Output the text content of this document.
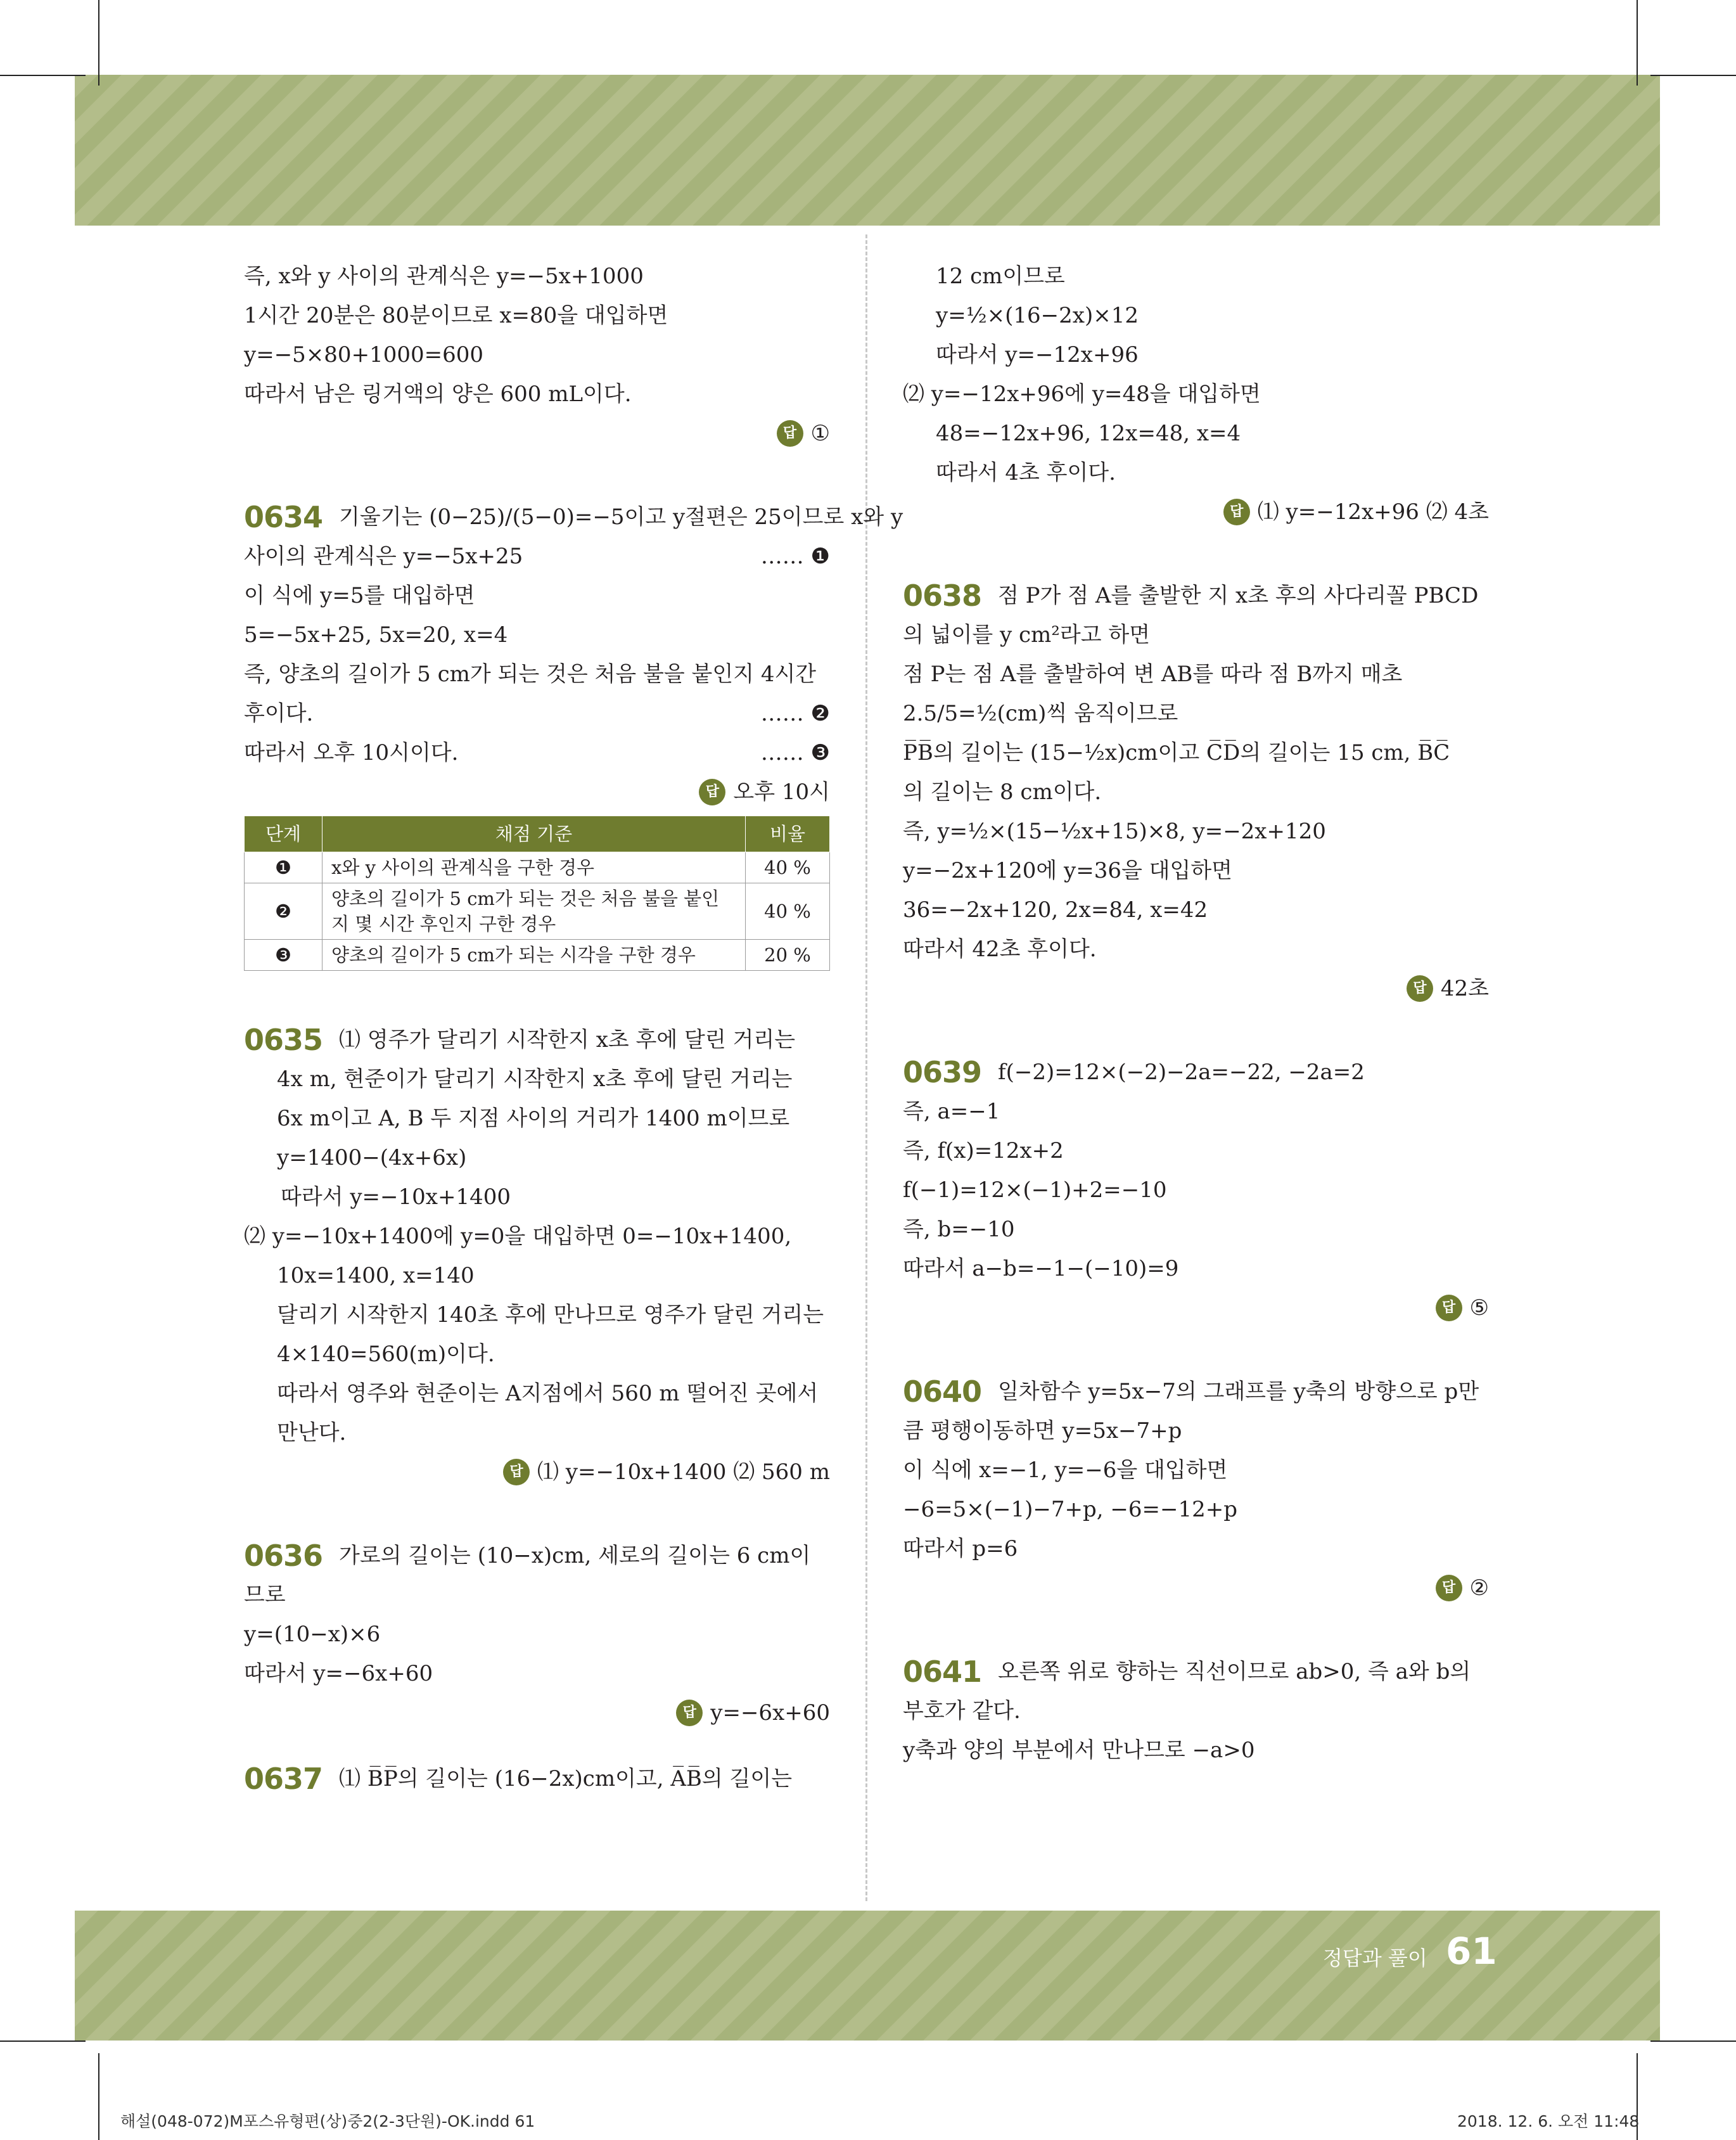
즉, x와 y 사이의 관계식은 y=−5x+1000
1시간 20분은 80분이므로 x=80을 대입하면
y=−5×80+1000=600
따라서 남은 링거액의 양은 600 mL이다.
답 ①
0634 기울기는 (0−25)/(5−0)=−5이고 y절편은 25이므로 x와 y
사이의 관계식은 y=−5x+25	…… ❶
이 식에 y=5를 대입하면
5=−5x+25, 5x=20, x=4
즉, 양초의 길이가 5 cm가 되는 것은 처음 불을 붙인지 4시간
후이다.	…… ❷
따라서 오후 10시이다.	…… ❸
답 오후 10시
단계	채점 기준	비율
❶	x와 y 사이의 관계식을 구한 경우	40 %
❷	양초의 길이가 5 cm가 되는 것은 처음 불을 붙인지 몇 시간 후인지 구한 경우	40 %
❸	양초의 길이가 5 cm가 되는 시각을 구한 경우	20 %
0635 ⑴ 영주가 달리기 시작한지 x초 후에 달린 거리는
4x m, 현준이가 달리기 시작한지 x초 후에 달린 거리는
6x m이고 A, B 두 지점 사이의 거리가 1400 m이므로
y=1400−(4x+6x)
따라서 y=−10x+1400
⑵ y=−10x+1400에 y=0을 대입하면 0=−10x+1400,
10x=1400, x=140
달리기 시작한지 140초 후에 만나므로 영주가 달린 거리는
4×140=560(m)이다.
따라서 영주와 현준이는 A지점에서 560 m 떨어진 곳에서
만난다.
답 ⑴ y=−10x+1400 ⑵ 560 m
0636 가로의 길이는 (10−x)cm, 세로의 길이는 6 cm이
므로
y=(10−x)×6
따라서 y=−6x+60
답 y=−6x+60
0637 ⑴ B̅P̅의 길이는 (16−2x)cm이고, A̅B̅의 길이는
12 cm이므로
y=½×(16−2x)×12
따라서 y=−12x+96
⑵ y=−12x+96에 y=48을 대입하면
48=−12x+96, 12x=48, x=4
따라서 4초 후이다.
답 ⑴ y=−12x+96 ⑵ 4초
0638 점 P가 점 A를 출발한 지 x초 후의 사다리꼴 PBCD
의 넓이를 y cm²라고 하면
점 P는 점 A를 출발하여 변 AB를 따라 점 B까지 매초
2.5/5=½(cm)씩 움직이므로
P̅B̅의 길이는 (15−½x)cm이고 C̅D̅의 길이는 15 cm, B̅C̅
의 길이는 8 cm이다.
즉, y=½×(15−½x+15)×8, y=−2x+120
y=−2x+120에 y=36을 대입하면
36=−2x+120, 2x=84, x=42
따라서 42초 후이다.
답 42초
0639 f(−2)=12×(−2)−2a=−22, −2a=2
즉, a=−1
즉, f(x)=12x+2
f(−1)=12×(−1)+2=−10
즉, b=−10
따라서 a−b=−1−(−10)=9
답 ⑤
0640 일차함수 y=5x−7의 그래프를 y축의 방향으로 p만
큼 평행이동하면 y=5x−7+p
이 식에 x=−1, y=−6을 대입하면
−6=5×(−1)−7+p, −6=−12+p
따라서 p=6
답 ②
0641 오른쪽 위로 향하는 직선이므로 ab>0, 즉 a와 b의
부호가 같다.
y축과 양의 부분에서 만나므로 −a>0
정답과 풀이 61
해설(048-072)M포스유형편(상)중2(2-3단원)-OK.indd 61	2018. 12. 6. 오전 11:48
